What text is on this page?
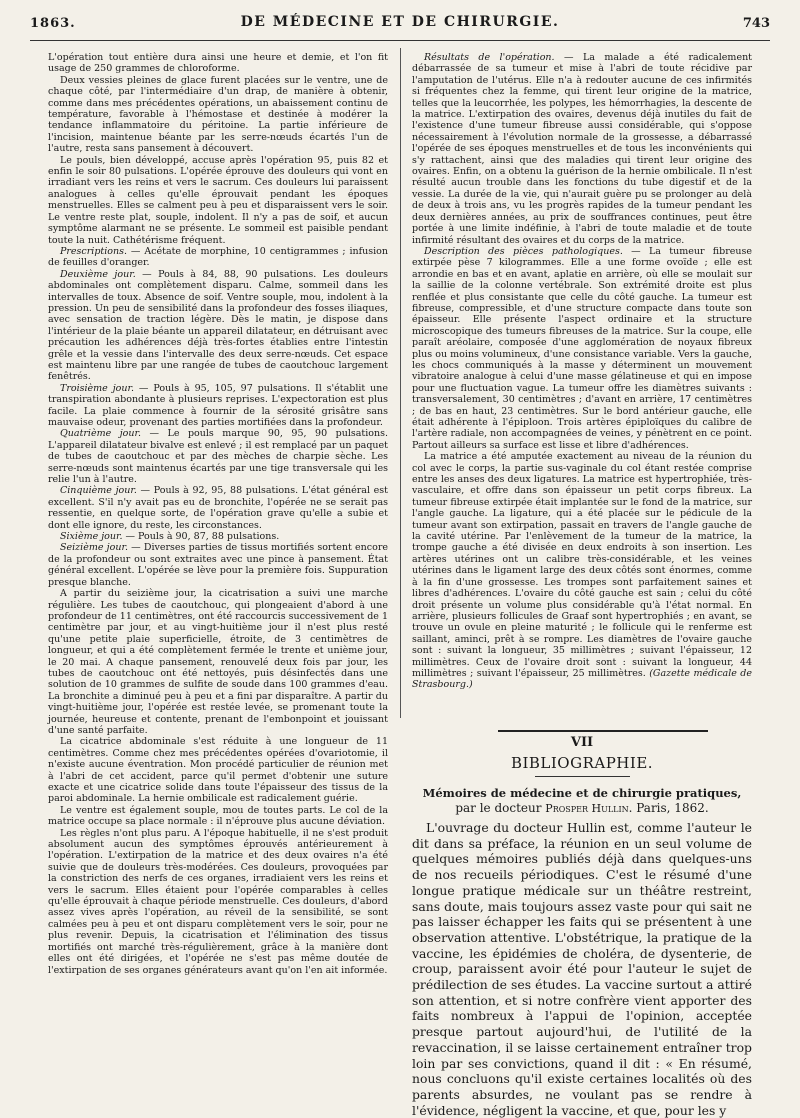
1863.	DE MÉDECINE ET DE CHIRURGIE.	743

L'opération tout entière dura ainsi une heure et demie, et l'on fit usage de 250 grammes de chloroforme.

Deux vessies pleines de glace furent placées sur le ventre, une de chaque côté, par l'intermédiaire d'un drap, de manière à obtenir, comme dans mes précédentes opérations, un abaissement continu de température, favorable à l'hémostase et destinée à modérer la tendance inflammatoire du péritoine. La partie inférieure de l'incision, maintenue béante par les serre-nœuds écartés l'un de l'autre, resta sans pansement à découvert.

Le pouls, bien développé, accuse après l'opération 95, puis 82 et enfin le soir 80 pulsations. L'opérée éprouve des douleurs qui vont en irradiant vers les reins et vers le sacrum. Ces douleurs lui paraissent analogues à celles qu'elle éprouvait pendant les époques menstruelles. Elles se calment peu à peu et disparaissent vers le soir. Le ventre reste plat, souple, indolent. Il n'y a pas de soif, et aucun symptôme alarmant ne se présente. Le sommeil est paisible pendant toute la nuit. Cathétérisme fréquent.

Prescriptions. — Acétate de morphine, 10 centigrammes ; infusion de feuilles d'oranger.

Deuxième jour. — Pouls à 84, 88, 90 pulsations. Les douleurs abdominales ont complètement disparu. Calme, sommeil dans les intervalles de toux. Absence de soif. Ventre souple, mou, indolent à la pression. Un peu de sensibilité dans la profondeur des fosses iliaques, avec sensation de traction légère. Dès le matin, je dispose dans l'intérieur de la plaie béante un appareil dilatateur, en détruisant avec précaution les adhérences déjà très-fortes établies entre l'intestin grêle et la vessie dans l'intervalle des deux serre-nœuds. Cet espace est maintenu libre par une rangée de tubes de caoutchouc largement fenêtrés.

Troisième jour. — Pouls à 95, 105, 97 pulsations. Il s'établit une transpiration abondante à plusieurs reprises. L'expectoration est plus facile. La plaie commence à fournir de la sérosité grisâtre sans mauvaise odeur, provenant des parties mortifiées dans la profondeur.

Quatrième jour. — Le pouls marque 90, 95, 90 pulsations. L'appareil dilatateur bivalve est enlevé ; il est remplacé par un paquet de tubes de caoutchouc et par des mèches de charpie sèche. Les serre-nœuds sont maintenus écartés par une tige transversale qui les relie l'un à l'autre.

Cinquième jour. — Pouls à 92, 95, 88 pulsations. L'état général est excellent. S'il n'y avait pas eu de bronchite, l'opérée ne se serait pas ressentie, en quelque sorte, de l'opération grave qu'elle a subie et dont elle ignore, du reste, les circonstances.

Sixième jour. — Pouls à 90, 87, 88 pulsations.

Seizième jour. — Diverses parties de tissus mortifiés sortent encore de la profondeur ou sont extraites avec une pince à pansement. État général excellent. L'opérée se lève pour la première fois. Suppuration presque blanche.

A partir du seizième jour, la cicatrisation a suivi une marche régulière. Les tubes de caoutchouc, qui plongeaient d'abord à une profondeur de 11 centimètres, ont été raccourcis successivement de 1 centimètre par jour, et au vingt-huitième jour il n'est plus resté qu'une petite plaie superficielle, étroite, de 3 centimètres de longueur, et qui a été complètement fermée le trente et unième jour, le 20 mai. A chaque pansement, renouvelé deux fois par jour, les tubes de caoutchouc ont été nettoyés, puis désinfectés dans une solution de 10 grammes de sulfite de soude dans 100 grammes d'eau. La bronchite a diminué peu à peu et a fini par disparaître. A partir du vingt-huitième jour, l'opérée est restée levée, se promenant toute la journée, heureuse et contente, prenant de l'embonpoint et jouissant d'une santé parfaite.

La cicatrice abdominale s'est réduite à une longueur de 11 centimètres. Comme chez mes précédentes opérées d'ovariotomie, il n'existe aucune éventration. Mon procédé particulier de réunion met à l'abri de cet accident, parce qu'il permet d'obtenir une suture exacte et une cicatrice solide dans toute l'épaisseur des tissus de la paroi abdominale. La hernie ombilicale est radicalement guérie.

Le ventre est également souple, mou de toutes parts. Le col de la matrice occupe sa place normale : il n'éprouve plus aucune déviation.

Les règles n'ont plus paru. A l'époque habituelle, il ne s'est produit absolument aucun des symptômes éprouvés antérieurement à l'opération. L'extirpation de la matrice et des deux ovaires n'a été suivie que de douleurs très-modérées. Ces douleurs, provoquées par la constriction des nerfs de ces organes, irradiaient vers les reins et vers le sacrum. Elles étaient pour l'opérée comparables à celles qu'elle éprouvait à chaque période menstruelle. Ces douleurs, d'abord assez vives après l'opération, au réveil de la sensibilité, se sont calmées peu à peu et ont disparu complètement vers le soir, pour ne plus revenir. Depuis, la cicatrisation et l'élimination des tissus mortifiés ont marché très-régulièrement, grâce à la manière dont elles ont été dirigées, et l'opérée ne s'est pas même doutée de l'extirpation de ses organes générateurs avant qu'on l'en ait informée.

Résultats de l'opération. — La malade a été radicalement débarrassée de sa tumeur et mise à l'abri de toute récidive par l'amputation de l'utérus. Elle n'a à redouter aucune de ces infirmités si fréquentes chez la femme, qui tirent leur origine de la matrice, telles que la leucorrhée, les polypes, les hémorrhagies, la descente de la matrice. L'extirpation des ovaires, devenus déjà inutiles du fait de l'existence d'une tumeur fibreuse aussi considérable, qui s'oppose nécessairement à l'évolution normale de la grossesse, a débarrassé l'opérée de ses époques menstruelles et de tous les inconvénients qui s'y rattachent, ainsi que des maladies qui tirent leur origine des ovaires. Enfin, on a obtenu la guérison de la hernie ombilicale. Il n'est résulté aucun trouble dans les fonctions du tube digestif et de la vessie. La durée de la vie, qui n'aurait guère pu se prolonger au delà de deux à trois ans, vu les progrès rapides de la tumeur pendant les deux dernières années, au prix de souffrances continues, peut être portée à une limite indéfinie, à l'abri de toute maladie et de toute infirmité résultant des ovaires et du corps de la matrice.

Description des pièces pathologiques. — La tumeur fibreuse extirpée pèse 7 kilogrammes. Elle a une forme ovoïde ; elle est arrondie en bas et en avant, aplatie en arrière, où elle se moulait sur la saillie de la colonne vertébrale. Son extrémité droite est plus renflée et plus consistante que celle du côté gauche. La tumeur est fibreuse, compressible, et d'une structure compacte dans toute son épaisseur. Elle présente l'aspect ordinaire et la structure microscopique des tumeurs fibreuses de la matrice. Sur la coupe, elle paraît aréolaire, composée d'une agglomération de noyaux fibreux plus ou moins volumineux, d'une consistance variable. Vers la gauche, les chocs communiqués à la masse y déterminent un mouvement vibratoire analogue à celui d'une masse gélatineuse et qui en impose pour une fluctuation vague. La tumeur offre les diamètres suivants : transversalement, 30 centimètres ; d'avant en arrière, 17 centimètres ; de bas en haut, 23 centimètres. Sur le bord antérieur gauche, elle était adhérente à l'épiploon. Trois artères épiploïques du calibre de l'artère radiale, non accompagnées de veines, y pénètrent en ce point. Partout ailleurs sa surface est lisse et libre d'adhérences.

La matrice a été amputée exactement au niveau de la réunion du col avec le corps, la partie sus-vaginale du col étant restée comprise entre les anses des deux ligatures. La matrice est hypertrophiée, très-vasculaire, et offre dans son épaisseur un petit corps fibreux. La tumeur fibreuse extirpée était implantée sur le fond de la matrice, sur l'angle gauche. La ligature, qui a été placée sur le pédicule de la tumeur avant son extirpation, passait en travers de l'angle gauche de la cavité utérine. Par l'enlèvement de la tumeur de la matrice, la trompe gauche a été divisée en deux endroits à son insertion. Les artères utérines ont un calibre très-considérable, et les veines utérines dans le ligament large des deux côtés sont énormes, comme à la fin d'une grossesse. Les trompes sont parfaitement saines et libres d'adhérences. L'ovaire du côté gauche est sain ; celui du côté droit présente un volume plus considérable qu'à l'état normal. En arrière, plusieurs follicules de Graaf sont hypertrophiés ; en avant, se trouve un ovule en pleine maturité ; le follicule qui le renferme est saillant, aminci, prêt à se rompre. Les diamètres de l'ovaire gauche sont : suivant la longueur, 35 millimètres ; suivant l'épaisseur, 12 millimètres. Ceux de l'ovaire droit sont : suivant la longueur, 44 millimètres ; suivant l'épaisseur, 25 millimètres. (Gazette médicale de Strasbourg.)

VII
BIBLIOGRAPHIE.
Mémoires de médecine et de chirurgie pratiques,
par le docteur Prosper Hullin. Paris, 1862.

L'ouvrage du docteur Hullin est, comme l'auteur le dit dans sa préface, la réunion en un seul volume de quelques mémoires publiés déjà dans quelques-uns de nos recueils périodiques. C'est le résumé d'une longue pratique médicale sur un théâtre restreint, sans doute, mais toujours assez vaste pour qui sait ne pas laisser échapper les faits qui se présentent à une observation attentive. L'obstétrique, la pratique de la vaccine, les épidémies de choléra, de dysenterie, de croup, paraissent avoir été pour l'auteur le sujet de prédilection de ses études. La vaccine surtout a attiré son attention, et si notre confrère vient apporter des faits nombreux à l'appui de l'opinion, acceptée presque partout aujourd'hui, de l'utilité de la revaccination, il se laisse certainement entraîner trop loin par ses convictions, quand il dit : « En résumé, nous concluons qu'il existe certaines localités où des parents absurdes, ne voulant pas se rendre à l'évidence, négligent la vaccine, et que, pour les y
